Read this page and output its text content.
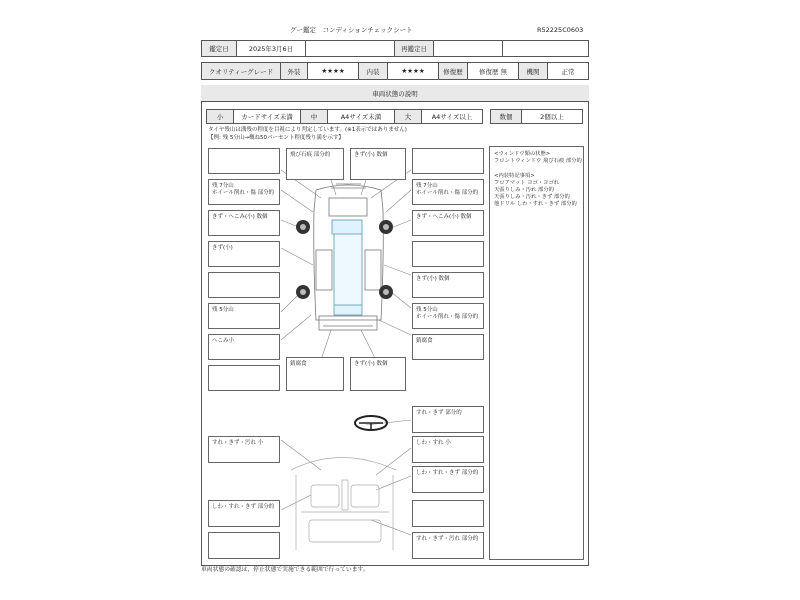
グー鑑定　コンディションチェックシート	R52225C0603
鑑定日	2025年3月6日	再鑑定日
クオリティーグレード	外装	★★★★	内装	★★★★	修復歴	修復歴 無	機関	正常
車両状態の説明
小	カードサイズ未満	中	A4サイズ未満	大	A4サイズ以上	数個	2個以上
タイヤ残山は溝残の程度を目視により判定しています。(※1表示ではありません)
【例: 残 5分山→概ね50パーセント程度残り満を示す】
<ウィンドウ類の状態>
フロントウィンドウ 飛び石痕 部分的
<内装特記事項>
フロアマット ヨゴ・ヨゴれ
天張りしみ・汚れ 部分的
天張りしみ・汚れ・きず 部分的
他ドリル しわ・すれ・きず 部分的
残 7分山
ホイール削れ・傷 部分的
きず・へこみ(小) 数個
きず(小)
残 5分山
へこみ小
飛び石痕 部分的	きず(小) 数個
錆腐食	きず(小) 数個
残 7分山
ホイール削れ・傷 部分的
きず・へこみ(小) 数個
きず(小) 数個
残 5分山
ホイール削れ・傷 部分的
錆腐食
すれ・きず 部分的
すれ・きず・汚れ 小	しわ・すれ 小
しわ・すれ・きず 部分的
しわ・すれ・きず 部分的
すれ・きず・汚れ 部分的
車両状態の確認は、停止状態で実施できる範囲で行っています。
